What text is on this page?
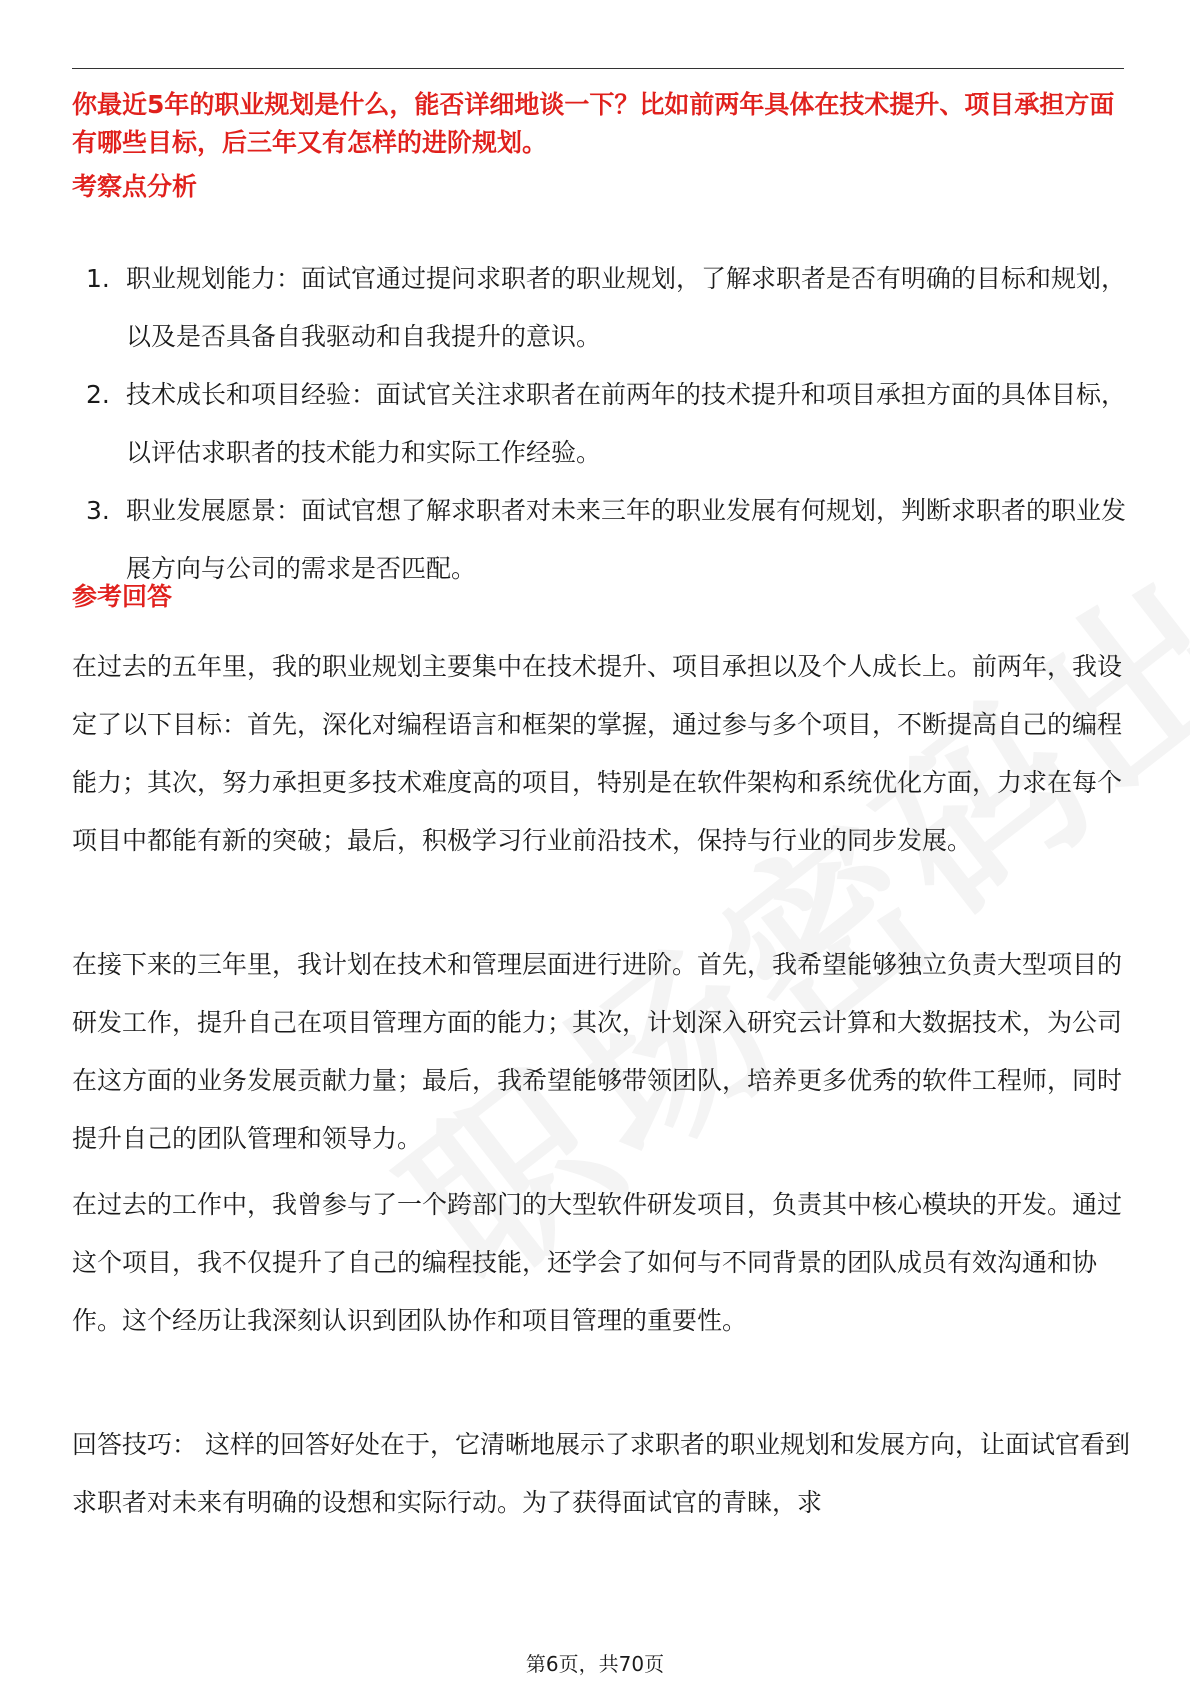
你最近5年的职业规划是什么，能否详细地谈一下？比如前两年具体在技术提升、项目承担方面有哪些目标，后三年又有怎样的进阶规划。
考察点分析
1. 职业规划能力：面试官通过提问求职者的职业规划，了解求职者是否有明确的目标和规划，以及是否具备自我驱动和自我提升的意识。
2. 技术成长和项目经验：面试官关注求职者在前两年的技术提升和项目承担方面的具体目标，以评估求职者的技术能力和实际工作经验。
3. 职业发展愿景：面试官想了解求职者对未来三年的职业发展有何规划，判断求职者的职业发展方向与公司的需求是否匹配。
参考回答

在过去的五年里，我的职业规划主要集中在技术提升、项目承担以及个人成长上。前两年，我设定了以下目标：首先，深化对编程语言和框架的掌握，通过参与多个项目，不断提高自己的编程能力；其次，努力承担更多技术难度高的项目，特别是在软件架构和系统优化方面，力求在每个项目中都能有新的突破；最后，积极学习行业前沿技术，保持与行业的同步发展。

在接下来的三年里，我计划在技术和管理层面进行进阶。首先，我希望能够独立负责大型项目的研发工作，提升自己在项目管理方面的能力；其次，计划深入研究云计算和大数据技术，为公司在这方面的业务发展贡献力量；最后，我希望能够带领团队，培养更多优秀的软件工程师，同时提升自己的团队管理和领导力。

在过去的工作中，我曾参与了一个跨部门的大型软件研发项目，负责其中核心模块的开发。通过这个项目，我不仅提升了自己的编程技能，还学会了如何与不同背景的团队成员有效沟通和协作。这个经历让我深刻认识到团队协作和项目管理的重要性。

回答技巧： 这样的回答好处在于，它清晰地展示了求职者的职业规划和发展方向，让面试官看到求职者对未来有明确的设想和实际行动。为了获得面试官的青睐，求

第6页，共70页
